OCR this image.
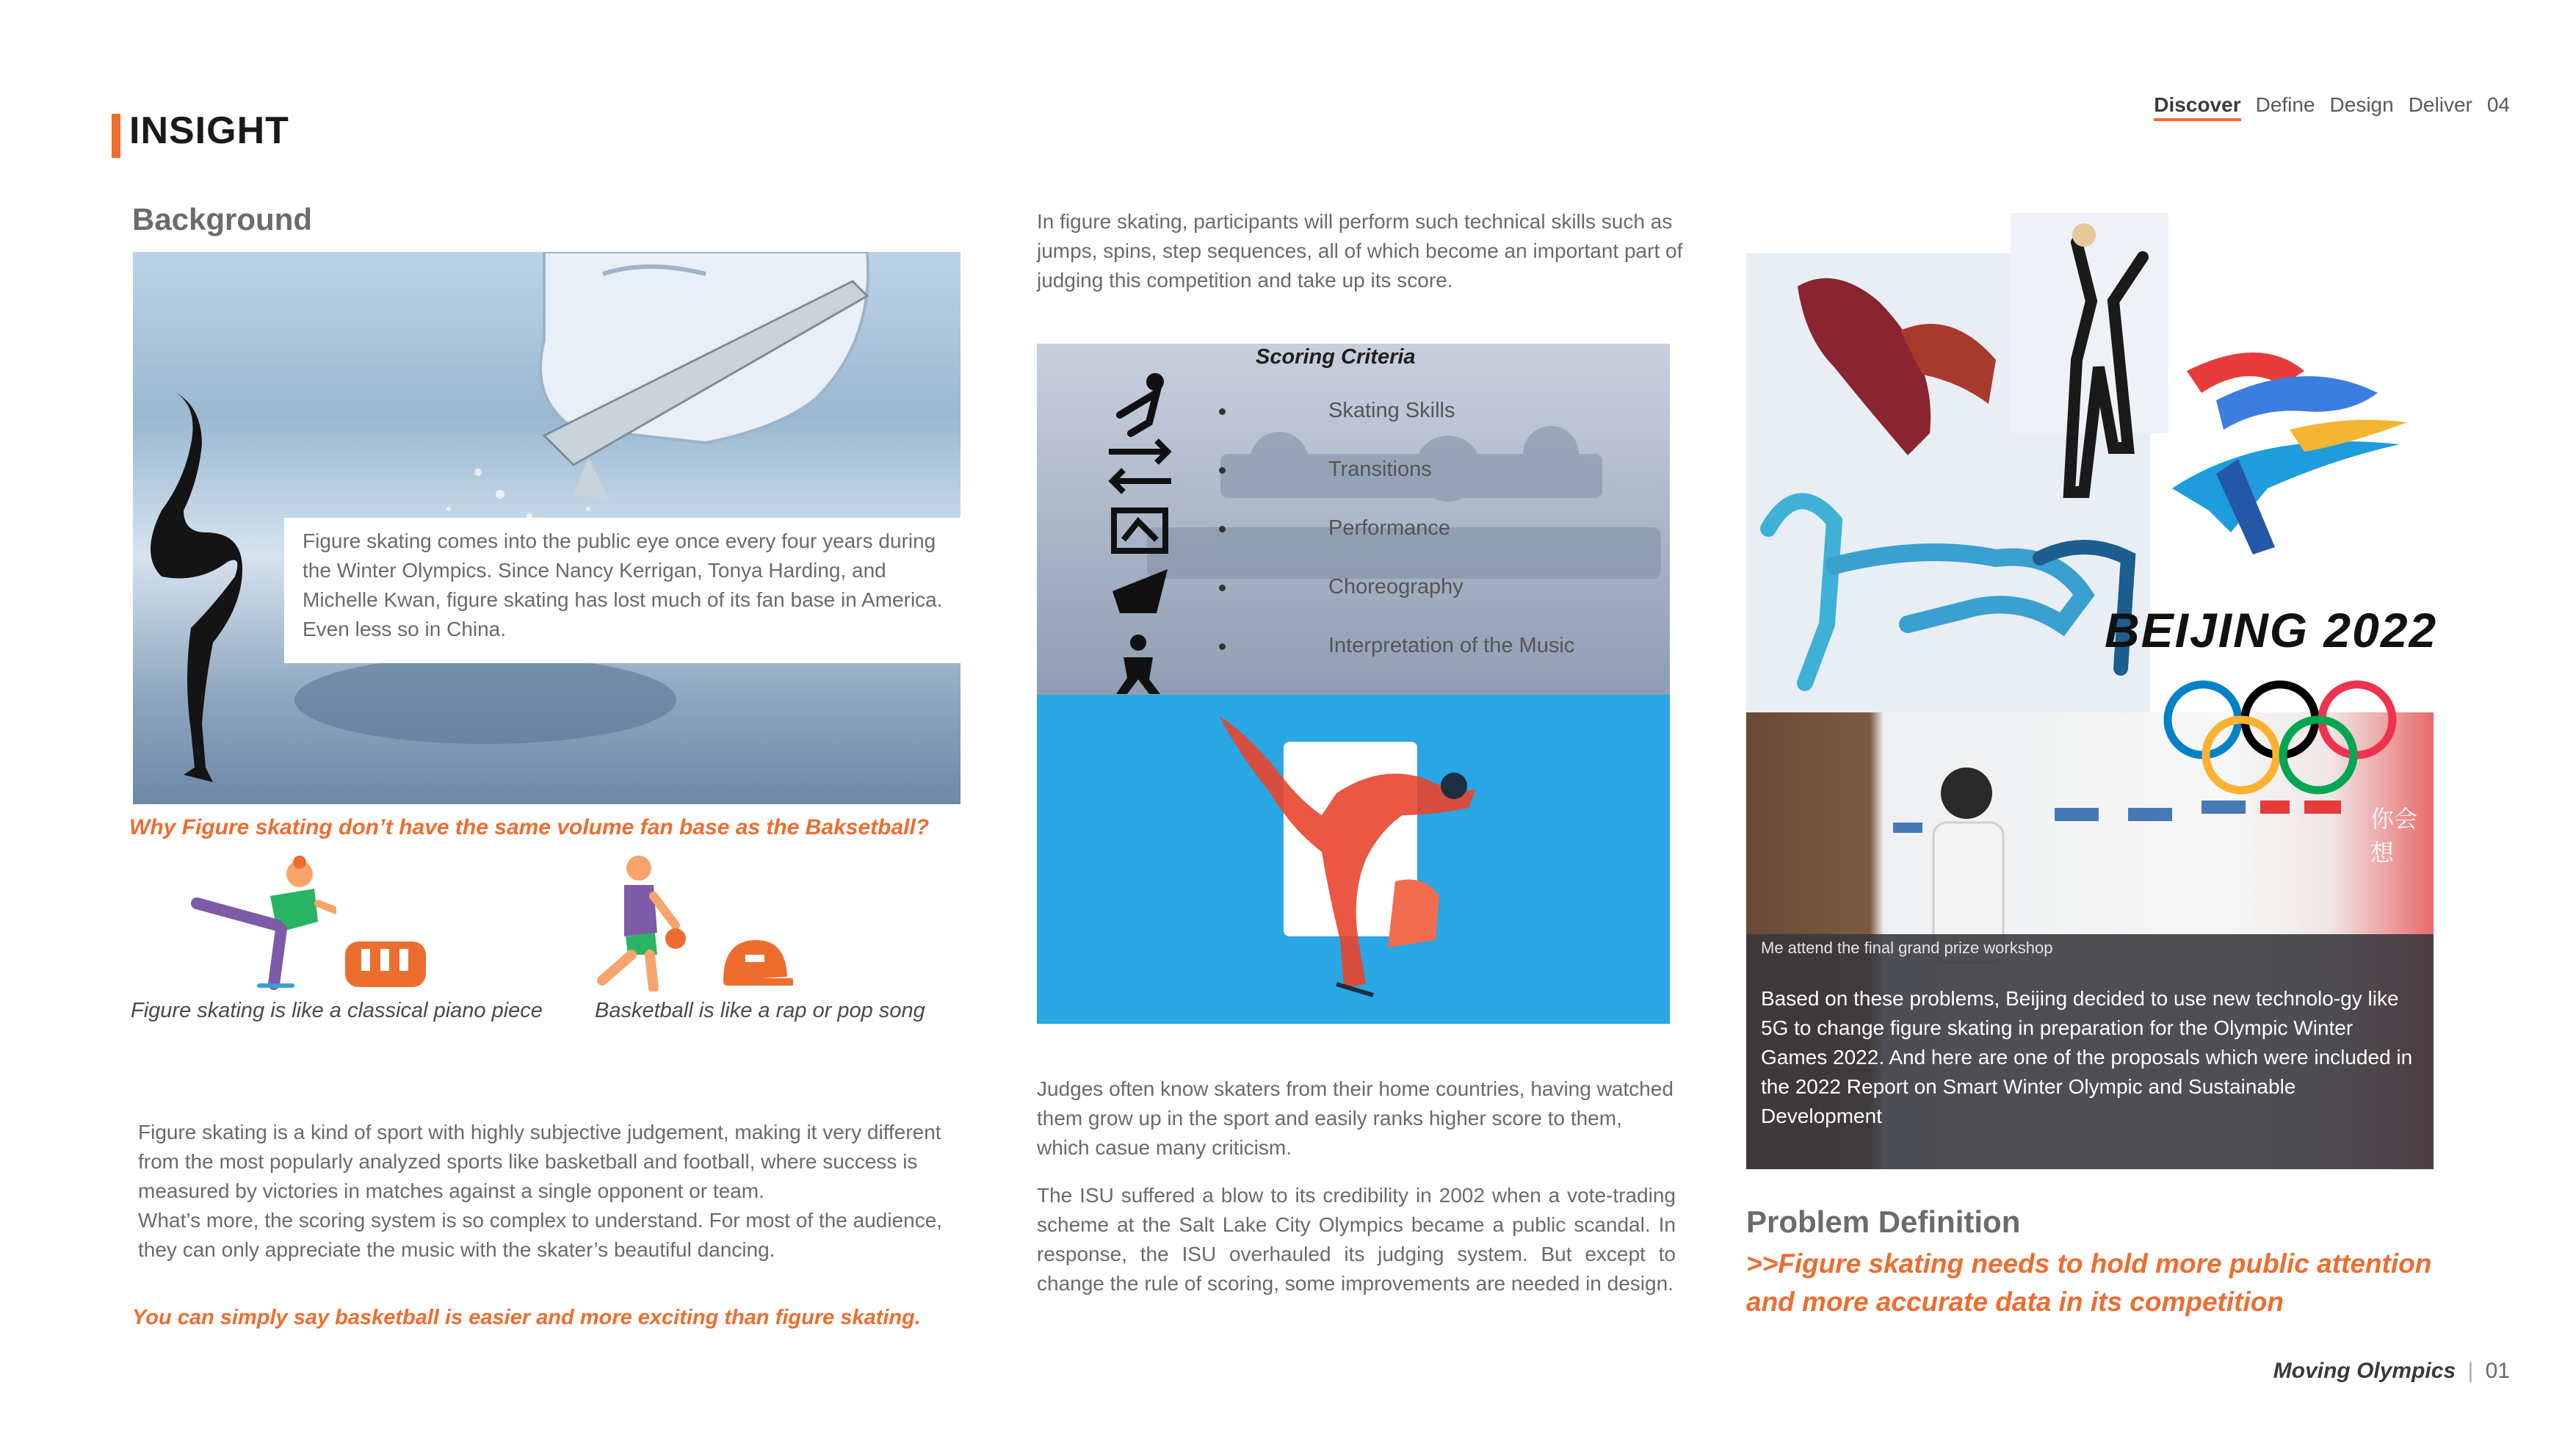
INSIGHT
Discover Define Design Deliver 04
Background
Figure skating comes into the public eye once every four years during the Winter Olympics. Since Nancy Kerrigan, Tonya Harding, and Michelle Kwan, figure skating has lost much of its fan base in America. Even less so in China.
Why Figure skating don’t have the same volume fan base as the Baksetball?
Figure skating is like a classical piano piece Basketball is like a rap or pop song
Figure skating is a kind of sport with highly subjective judgement, making it very different from the most popularly analyzed sports like basketball and football, where success is measured by victories in matches against a single opponent or team.
What’s more, the scoring system is so complex to understand. For most of the audience, they can only appreciate the music with the skater’s beautiful dancing.
You can simply say basketball is easier and more exciting than figure skating.
In figure skating, participants will perform such technical skills such as jumps, spins, step sequences, all of which become an important part of judging this competition and take up its score.
Scoring Criteria
Skating Skills
Transitions
Performance
Choreography
Interpretation of the Music
Judges often know skaters from their home countries, having watched them grow up in the sport and easily ranks higher score to them, which casue many criticism.
The ISU suffered a blow to its credibility in 2002 when a vote-trading scheme at the Salt Lake City Olympics became a public scandal. In response, the ISU overhauled its judging system. But except to change the rule of scoring, some improvements are needed in design.
BEIJING 2022
你会想
Me attend the final grand prize workshop
Based on these problems, Beijing decided to use new technolo-gy like 5G to change figure skating in preparation for the Olympic Winter Games 2022. And here are one of the proposals which were included in the 2022 Report on Smart Winter Olympic and Sustainable Development
Problem Definition
>>Figure skating needs to hold more public attention and more accurate data in its competition
Moving Olympics | 01
